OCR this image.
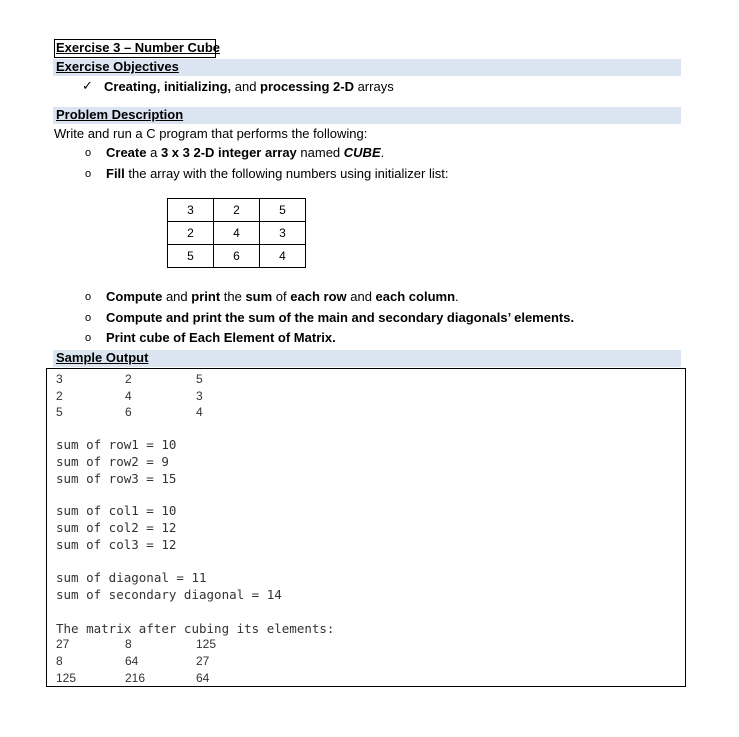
Exercise 3 – Number Cube
Exercise Objectives
✓ Creating, initializing, and processing 2-D arrays
Problem Description
Write and run a C program that performs the following:
o Create a 3 x 3 2-D integer array named CUBE.
o Fill the array with the following numbers using initializer list:
3	2	5
2	4	3
5	6	4
o Compute and print the sum of each row and each column.
o Compute and print the sum of the main and secondary diagonals’ elements.
o Print cube of Each Element of Matrix.
Sample Output
3	2	5
2	4	3
5	6	4
sum of row1 = 10
sum of row2 = 9
sum of row3 = 15
sum of col1 = 10
sum of col2 = 12
sum of col3 = 12
sum of diagonal = 11
sum of secondary diagonal = 14
The matrix after cubing its elements:
27	8	125
8	64	27
125	216	64
